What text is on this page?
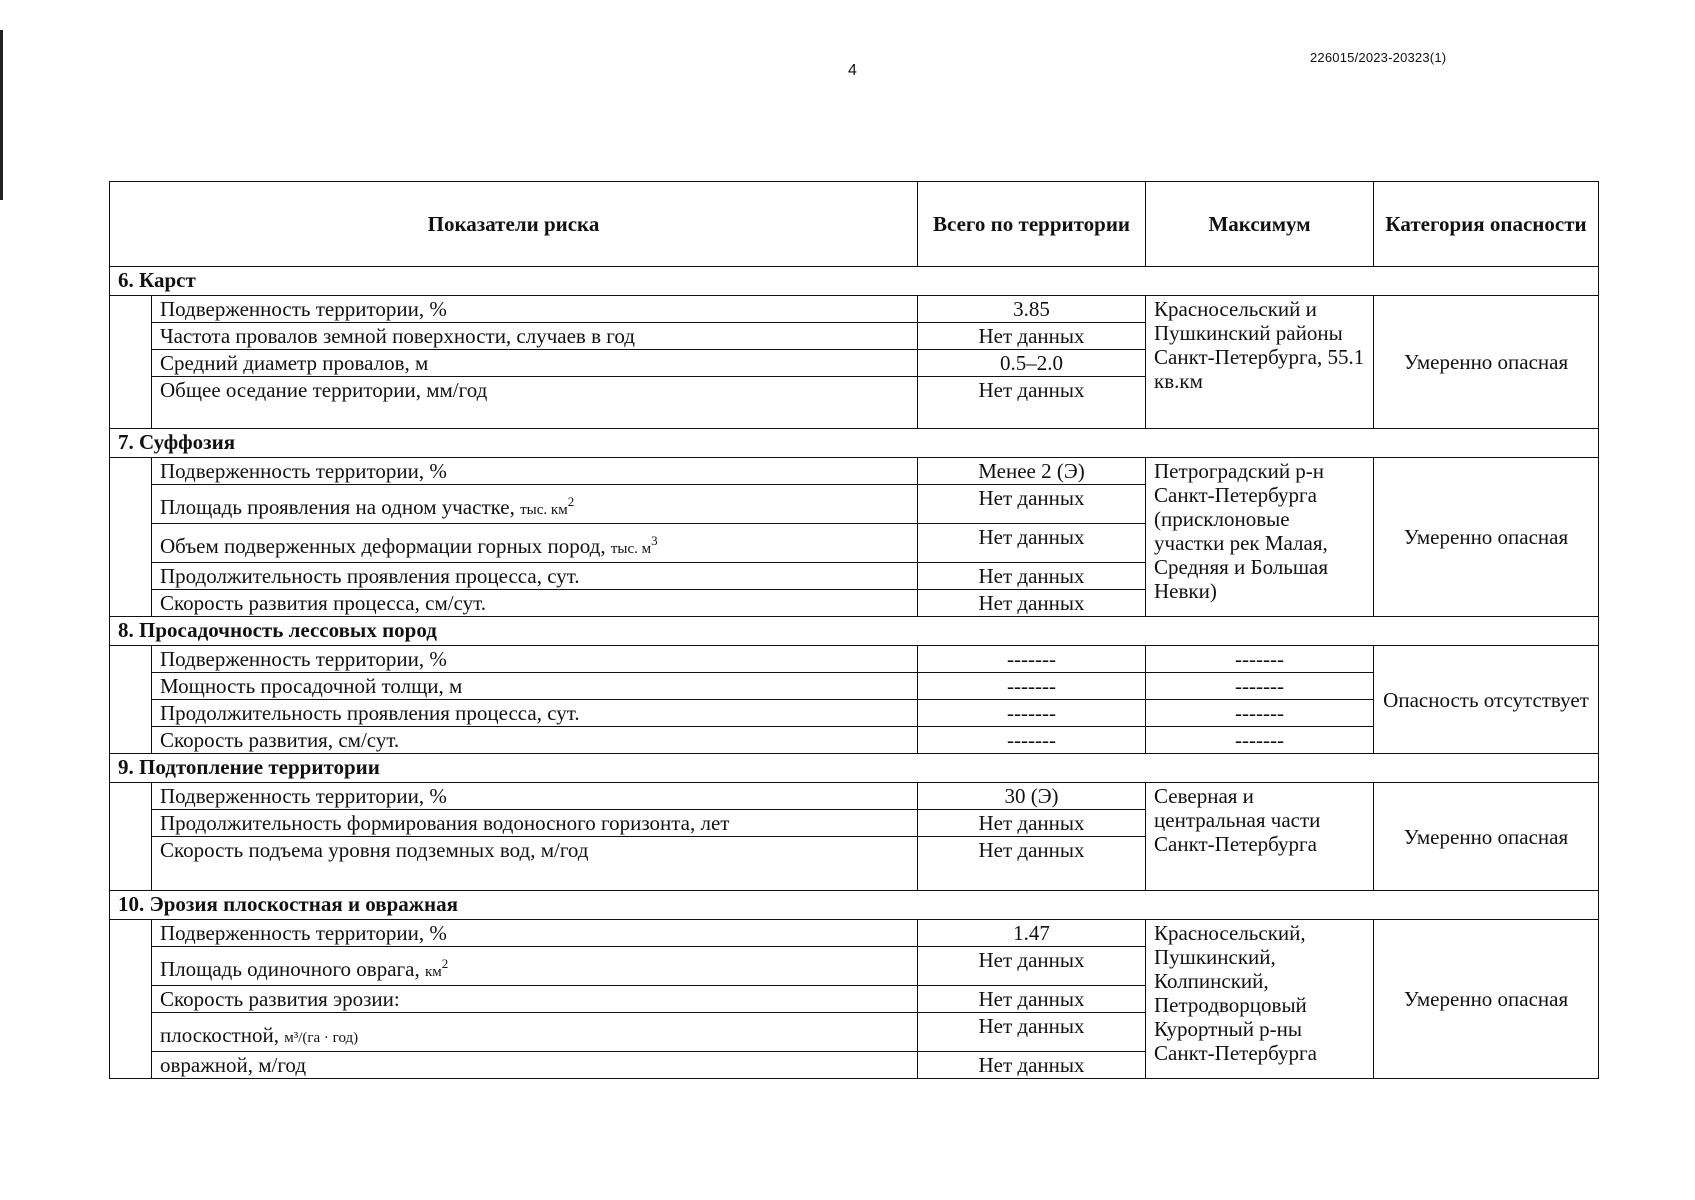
4
226015/2023-20323(1)
Показатели риска		Всего по территории	Максимум	Категория опасности
6. Карст				
	Подверженность территории, %	3.85	Красносельский и Пушкинский районы Санкт-Петербурга, 55.1 кв.км	Умеренно опасная
	Частота провалов земной поверхности, случаев в год	Нет данных		
	Средний диаметр провалов, м	0.5–2.0		
	Общее оседание территории, мм/год	Нет данных		
7. Суффозия				
	Подверженность территории, %	Менее 2 (Э)	Петроградский р-н Санкт-Петербурга (присклоновые участки рек Малая, Средняя и Большая Невки)	Умеренно опасная
	Площадь проявления на одном участке, тыс. $км^2$	Нет данных		
	Объем подверженных деформации горных пород, тыс. $м^3$	Нет данных		
	Продолжительность проявления процесса, сут.	Нет данных		
	Скорость развития процесса, см/сут.	Нет данных		
8. Просадочность лессовых пород				
	Подверженность территории, %	-------	-------	Опасность отсутствует
	Мощность просадочной толщи, м	-------	-------	
	Продолжительность проявления процесса, сут.	-------	-------	
	Скорость развития, см/сут.	-------	-------	
9. Подтопление территории				
	Подверженность территории, %	30 (Э)	Северная и центральная части Санкт-Петербурга	Умеренно опасная
	Продолжительность формирования водоносного горизонта, лет	Нет данных		
	Скорость подъема уровня подземных вод, м/год	Нет данных		
10. Эрозия плоскостная и овражная				
	Подверженность территории, %	1.47	Красносельский, Пушкинский, Колпинский, Петродворцовый Курортный р-ны Санкт-Петербурга	Умеренно опасная
	Площадь одиночного оврага, $км^2$	Нет данных		
	Скорость развития эрозии:	Нет данных		
	плоскостной, м³/(га · год)	Нет данных		
	овражной, м/год	Нет данных		
